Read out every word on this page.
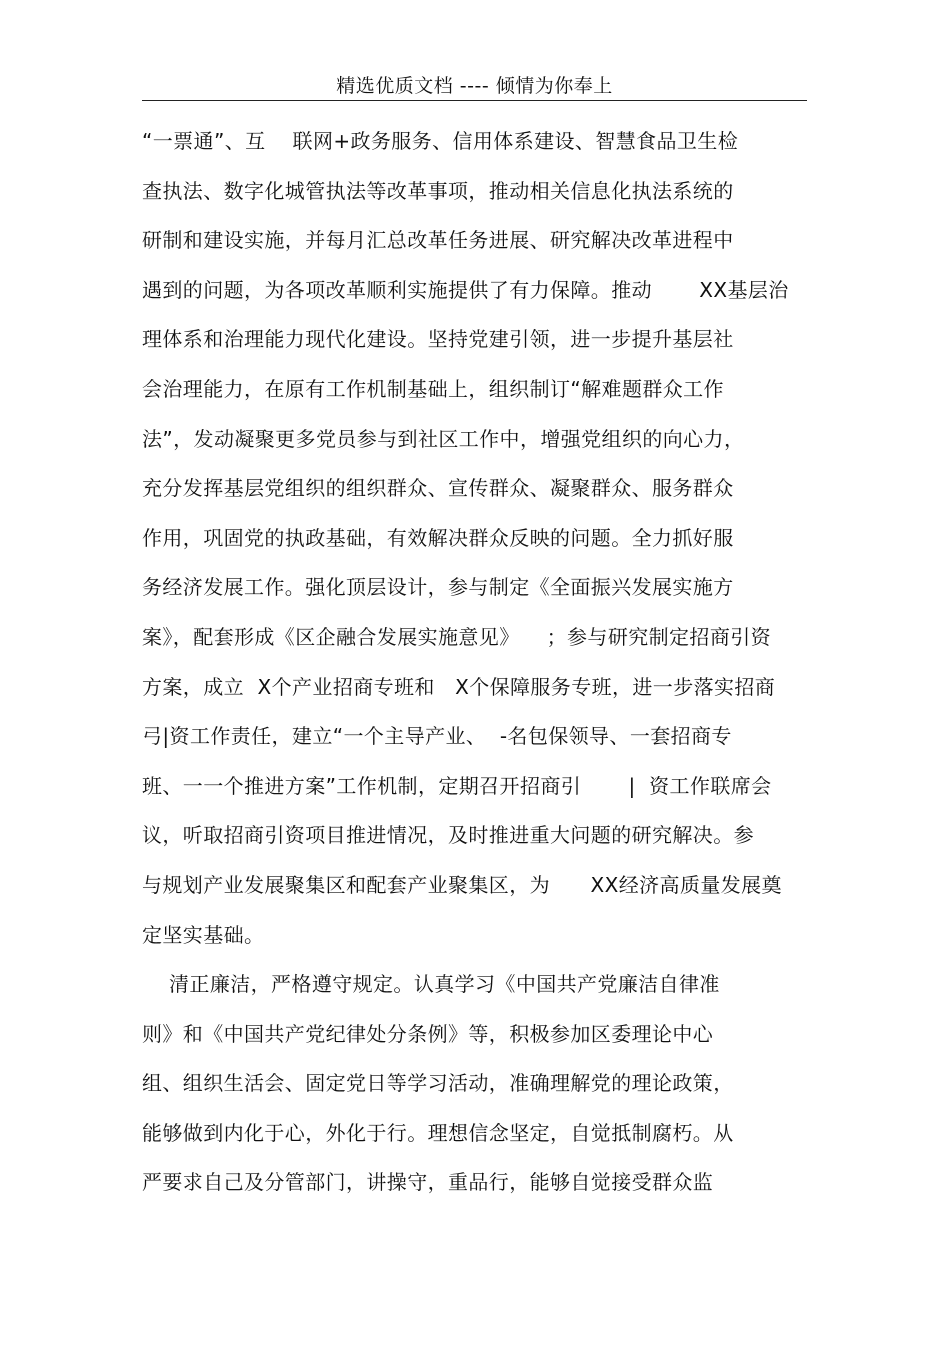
精选优质文档 ---- 倾情为你奉上
“一票通”、互    联网+政务服务、信用体系建设、智慧食品卫生检
查执法、数字化城管执法等改革事项，推动相关信息化执法系统的
研制和建设实施，并每月汇总改革任务进展、研究解决改革进程中
遇到的问题，为各项改革顺利实施提供了有力保障。推动       XX基层治
理体系和治理能力现代化建设。坚持党建引领，进一步提升基层社
会治理能力，在原有工作机制基础上，组织制订“解难题群众工作
法”，发动凝聚更多党员参与到社区工作中，增强党组织的向心力，
充分发挥基层党组织的组织群众、宣传群众、凝聚群众、服务群众
作用，巩固党的执政基础，有效解决群众反映的问题。全力抓好服
务经济发展工作。强化顶层设计，参与制定《全面振兴发展实施方
案》，配套形成《区企融合发展实施意见》    ；参与研究制定招商引资
方案，成立  X个产业招商专班和   X个保障服务专班，进一步落实招商
弓|资工作责任，建立“一个主导产业、  -名包保领导、一套招商专
班、一一个推进方案”工作机制，定期召开招商引       |  资工作联席会
议，听取招商引资项目推进情况，及时推进重大问题的研究解决。参
与规划产业发展聚集区和配套产业聚集区，为      XX经济高质量发展奠
定坚实基础。
清正廉洁，严格遵守规定。认真学习《中国共产党廉洁自律准
则》和《中国共产党纪律处分条例》等，积极参加区委理论中心
组、组织生活会、固定党日等学习活动，准确理解党的理论政策，
能够做到内化于心，外化于行。理想信念坚定，自觉抵制腐朽。从
严要求自己及分管部门，讲操守，重品行，能够自觉接受群众监
